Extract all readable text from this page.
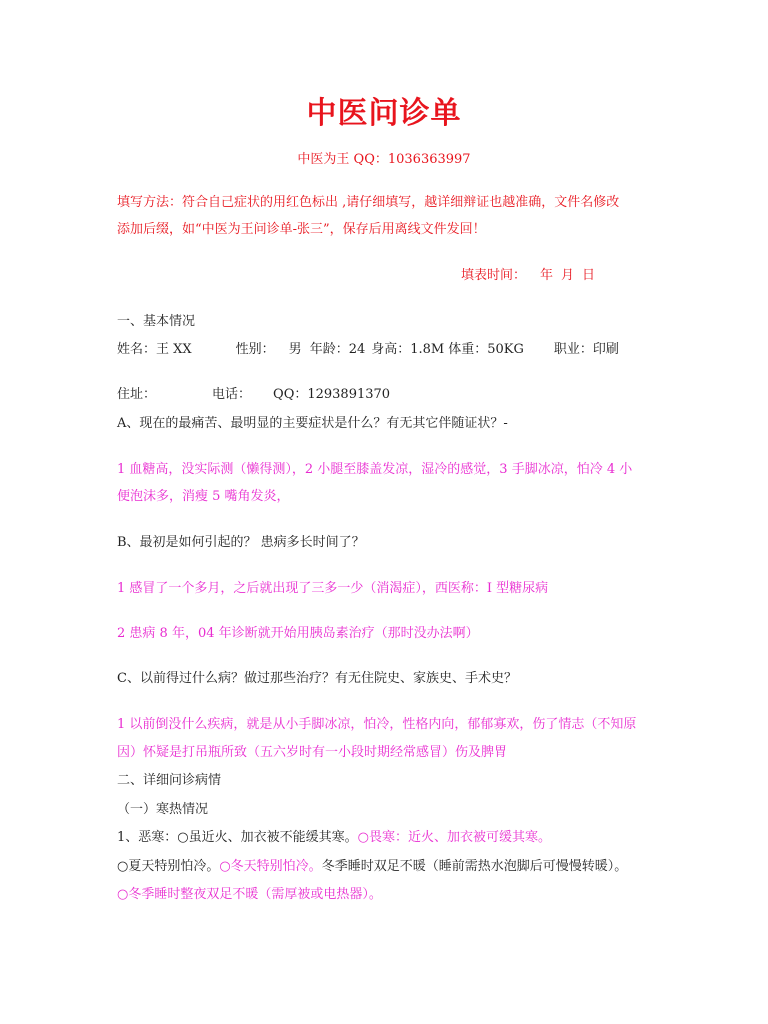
中医问诊单
中医为王 QQ：1036363997
填写方法：符合自己症状的用红色标出 ,请仔细填写，越详细辩证也越准确，文件名修改
添加后缀，如“中医为王问诊单-张三”，保存后用离线文件发回！
填表时间： 年 月 日
一、基本情况
姓名：王 XX	性别： 男 年龄：24 身高：1.8M 体重：50KG 职业：印刷
住址：	电话： QQ：1293891370
A、现在的最痛苦、最明显的主要症状是什么？有无其它伴随证状？-
1 血糖高，没实际测（懒得测），2 小腿至膝盖发凉，湿冷的感觉，3 手脚冰凉，怕冷 4 小
便泡沫多，消瘦 5 嘴角发炎，
B、最初是如何引起的？ 患病多长时间了？
1 感冒了一个多月，之后就出现了三多一少（消渴症），西医称：I 型糖尿病
2 患病 8 年，04 年诊断就开始用胰岛素治疗（那时没办法啊）
C、以前得过什么病？做过那些治疗？有无住院史、家族史、手术史？
1 以前倒没什么疾病，就是从小手脚冰凉，怕冷，性格内向，郁郁寡欢，伤了情志（不知原
因）怀疑是打吊瓶所致（五六岁时有一小段时期经常感冒）伤及脾胃
二、详细问诊病情
（一）寒热情况
1、恶寒：○虽近火、加衣被不能缓其寒。○畏寒：近火、加衣被可缓其寒。
○夏天特别怕冷。○冬天特别怕冷。冬季睡时双足不暖（睡前需热水泡脚后可慢慢转暖）。
○冬季睡时整夜双足不暖（需厚被或电热器）。
